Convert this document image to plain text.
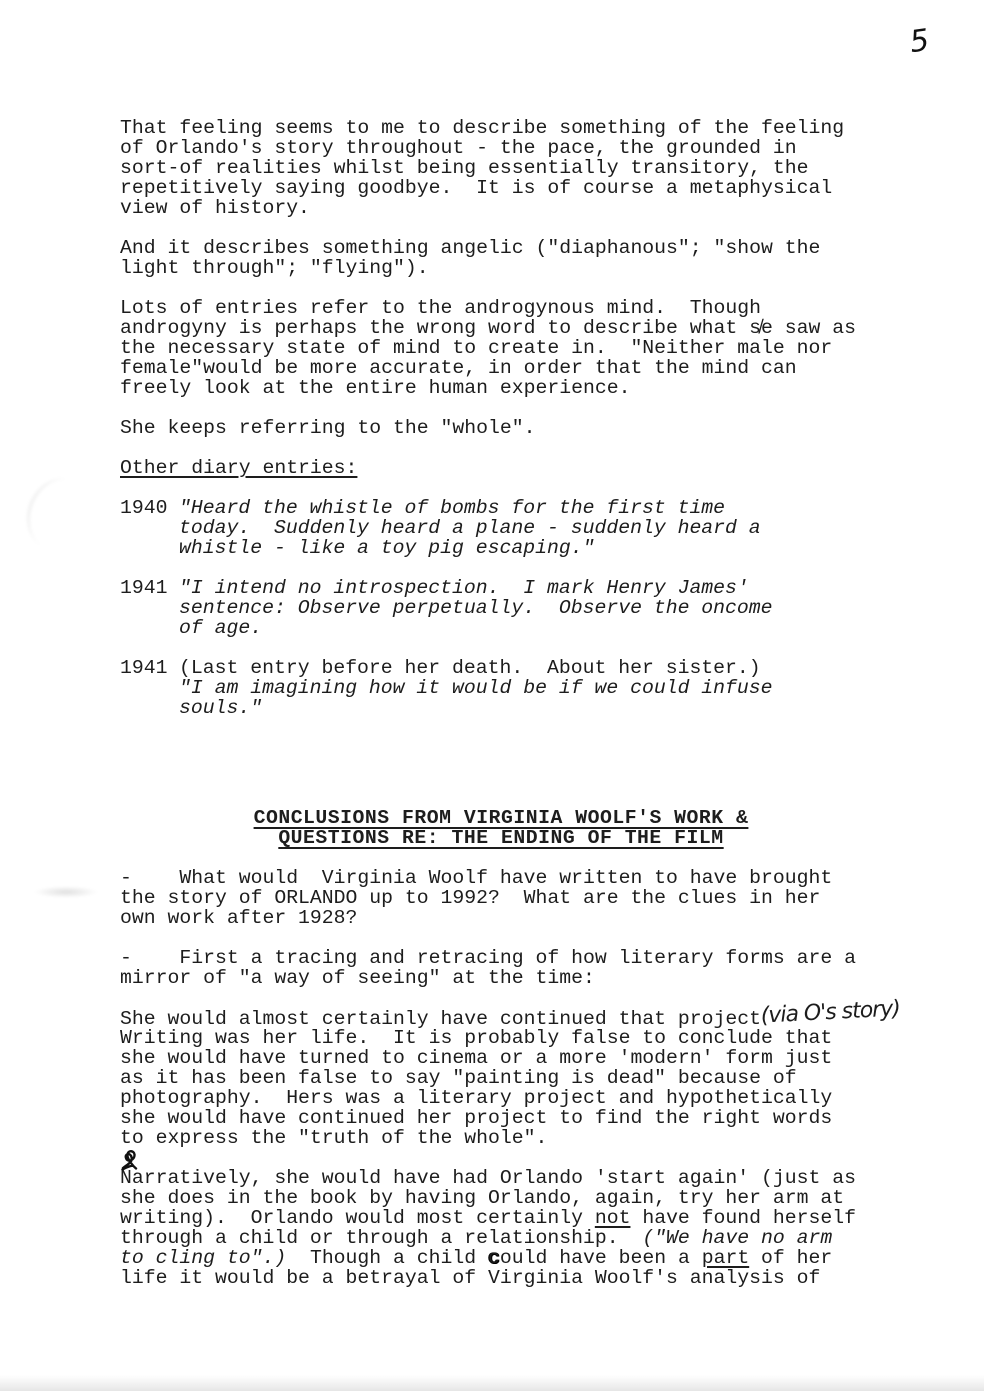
5
That feeling seems to me to describe something of the feeling
of Orlando's story throughout - the pace, the grounded in
sort-of realities whilst being essentially transitory, the
repetitively saying goodbye.  It is of course a metaphysical
view of history.
And it describes something angelic ("diaphanous"; "show the
light through"; "flying").
Lots of entries refer to the androgynous mind.  Though
androgyny is perhaps the wrong word to describe what s̸e saw as
the necessary state of mind to create in.  "Neither male nor
female"would be more accurate, in order that the mind can
freely look at the entire human experience.
She keeps referring to the "whole".
Other diary entries:
1940 "Heard the whistle of bombs for the first time
today.  Suddenly heard a plane - suddenly heard a
whistle - like a toy pig escaping."
1941 "I intend no introspection.  I mark Henry James'
sentence: Observe perpetually.  Observe the oncome
of age.
1941 (Last entry before her death.  About her sister.)
"I am imagining how it would be if we could infuse
souls."
CONCLUSIONS FROM VIRGINIA WOOLF'S WORK &
QUESTIONS RE: THE ENDING OF THE FILM
-    What would  Virginia Woolf have written to have brought
the story of ORLANDO up to 1992?  What are the clues in her
own work after 1928?
-    First a tracing and retracing of how literary forms are a
mirror of "a way of seeing" at the time:
She would almost certainly have continued that project(via O's story)
Writing was her life.  It is probably false to conclude that
she would have turned to cinema or a more 'modern' form just
as it has been false to say "painting is dead" because of
photography.  Hers was a literary project and hypothetically
she would have continued her project to find the right words
to express the "truth of the whole".
Narratively, she would have had Orlando 'start again' (just as
she does in the book by having Orlando, again, try her arm at
writing).  Orlando would most certainly not have found herself
through a child or through a relationship.  ("We have no arm
to cling to".)  Though a child could have been a part of her
life it would be a betrayal of Virginia Woolf's analysis of
